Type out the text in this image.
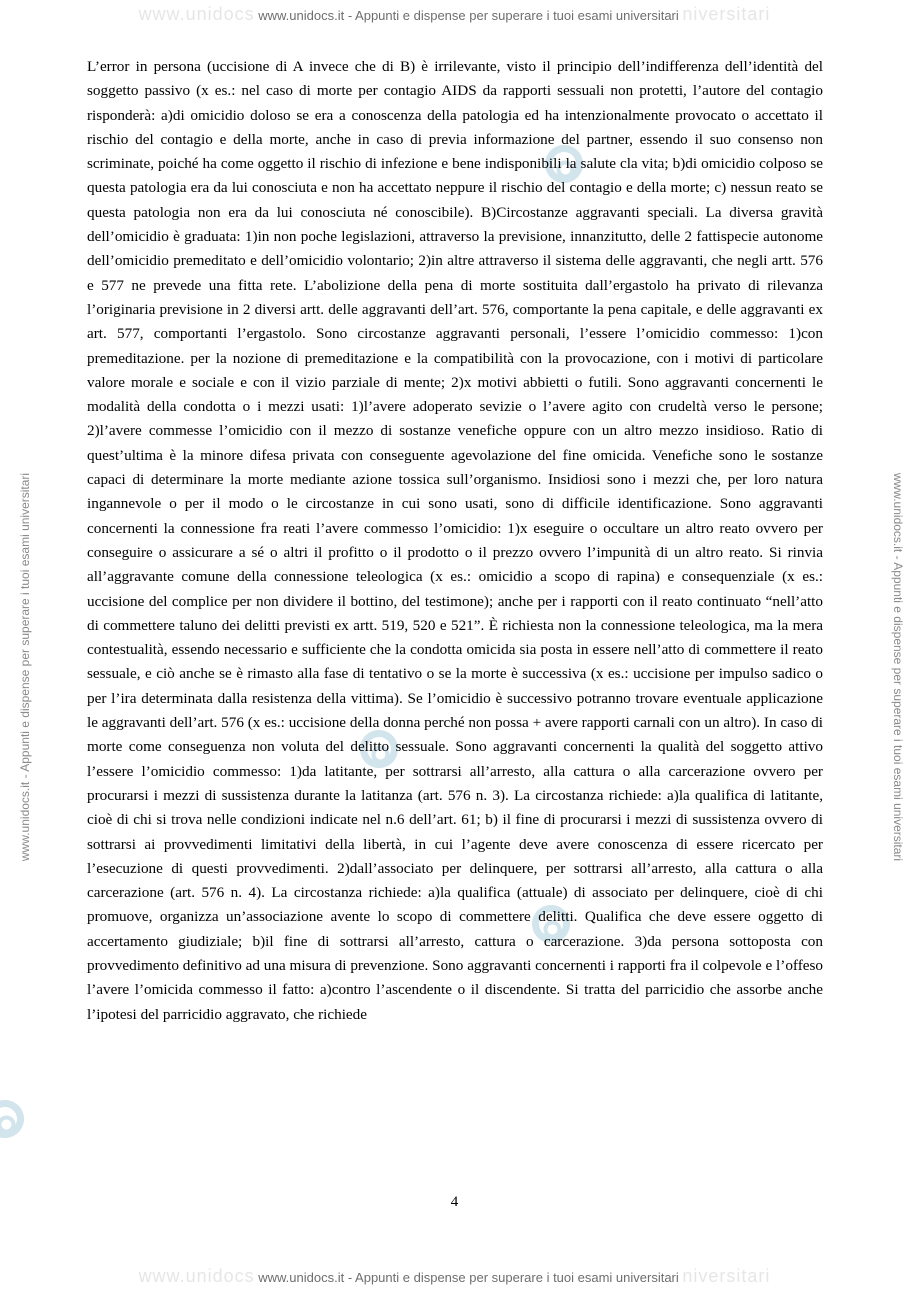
www.unidocs www.unidocs.it - Appunti e dispense per superare i tuoi esami universitari niversitari
www.unidocs.it - Appunti e dispense per superare i tuoi esami universitari	www.unidocs.it - Appunti e dispense per superare i tuoi esami universitari

L’error in persona (uccisione di A invece che di B) è irrilevante, visto il principio dell’indifferenza dell’identità del soggetto passivo (x es.: nel caso di morte per contagio AIDS da rapporti sessuali non protetti, l’autore del contagio risponderà: a)di omicidio doloso se era a conoscenza della patologia ed ha intenzionalmente provocato o accettato il rischio del contagio e della morte, anche in caso di previa informazione del partner, essendo il suo consenso non scriminate, poiché ha come oggetto il rischio di infezione e bene indisponibili la salute cla vita; b)di omicidio colposo se questa patologia era da lui conosciuta e non ha accettato neppure il rischio del contagio e della morte; c) nessun reato se questa patologia non era da lui conosciuta né conoscibile). B)Circostanze aggravanti speciali. La diversa gravità dell’omicidio è graduata: 1)in non poche legislazioni, attraverso la previsione, innanzitutto, delle 2 fattispecie autonome dell’omicidio premeditato e dell’omicidio volontario; 2)in altre attraverso il sistema delle aggravanti, che negli artt. 576 e 577 ne prevede una fitta rete. L’abolizione della pena di morte sostituita dall’ergastolo ha privato di rilevanza l’originaria previsione in 2 diversi artt. delle aggravanti dell’art. 576, comportante la pena capitale, e delle aggravanti ex art. 577, comportanti l’ergastolo. Sono circostanze aggravanti personali, l’essere l’omicidio commesso: 1)con premeditazione. per la nozione di premeditazione e la compatibilità con la provocazione, con i motivi di particolare valore morale e sociale e con il vizio parziale di mente; 2)x motivi abbietti o futili. Sono aggravanti concernenti le modalità della condotta o i mezzi usati: 1)l’avere adoperato sevizie o l’avere agito con crudeltà verso le persone; 2)l’avere commesse l’omicidio con il mezzo di sostanze venefiche oppure con un altro mezzo insidioso. Ratio di quest’ultima è la minore difesa privata con conseguente agevolazione del fine omicida. Venefiche sono le sostanze capaci di determinare la morte mediante azione tossica sull’organismo. Insidiosi sono i mezzi che, per loro natura ingannevole o per il modo o le circostanze in cui sono usati, sono di difficile identificazione. Sono aggravanti concernenti la connessione fra reati l’avere commesso l’omicidio: 1)x eseguire o occultare un altro reato ovvero per conseguire o assicurare a sé o altri il profitto o il prodotto o il prezzo ovvero l’impunità di un altro reato. Si rinvia all’aggravante comune della connessione teleologica (x es.: omicidio a scopo di rapina) e consequenziale (x es.: uccisione del complice per non dividere il bottino, del testimone); anche per i rapporti con il reato continuato “nell’atto di commettere taluno dei delitti previsti ex artt. 519, 520 e 521”. È richiesta non la connessione teleologica, ma la mera contestualità, essendo necessario e sufficiente che la condotta omicida sia posta in essere nell’atto di commettere il reato sessuale, e ciò anche se è rimasto alla fase di tentativo o se la morte è successiva (x es.: uccisione per impulso sadico o per l’ira determinata dalla resistenza della vittima). Se l’omicidio è successivo potranno trovare eventuale applicazione le aggravanti dell’art. 576 (x es.: uccisione della donna perché non possa + avere rapporti carnali con un altro). In caso di morte come conseguenza non voluta del delitto sessuale. Sono aggravanti concernenti la qualità del soggetto attivo l’essere l’omicidio commesso: 1)da latitante, per sottrarsi all’arresto, alla cattura o alla carcerazione ovvero per procurarsi i mezzi di sussistenza durante la latitanza (art. 576 n. 3). La circostanza richiede: a)la qualifica di latitante, cioè di chi si trova nelle condizioni indicate nel n.6 dell’art. 61; b) il fine di procurarsi i mezzi di sussistenza ovvero di sottrarsi ai provvedimenti limitativi della libertà, in cui l’agente deve avere conoscenza di essere ricercato per l’esecuzione di questi provvedimenti. 2)dall’associato per delinquere, per sottrarsi all’arresto, alla cattura o alla carcerazione (art. 576 n. 4). La circostanza richiede: a)la qualifica (attuale) di associato per delinquere, cioè di chi promuove, organizza un’associazione avente lo scopo di commettere delitti. Qualifica che deve essere oggetto di accertamento giudiziale; b)il fine di sottrarsi all’arresto, cattura o carcerazione. 3)da persona sottoposta con provvedimento definitivo ad una misura di prevenzione. Sono aggravanti concernenti i rapporti fra il colpevole e l’offeso l’avere l’omicida commesso il fatto: a)contro l’ascendente o il discendente. Si tratta del parricidio che assorbe anche l’ipotesi del parricidio aggravato, che richiede

4
www.unidocs www.unidocs.it - Appunti e dispense per superare i tuoi esami universitari niversitari
